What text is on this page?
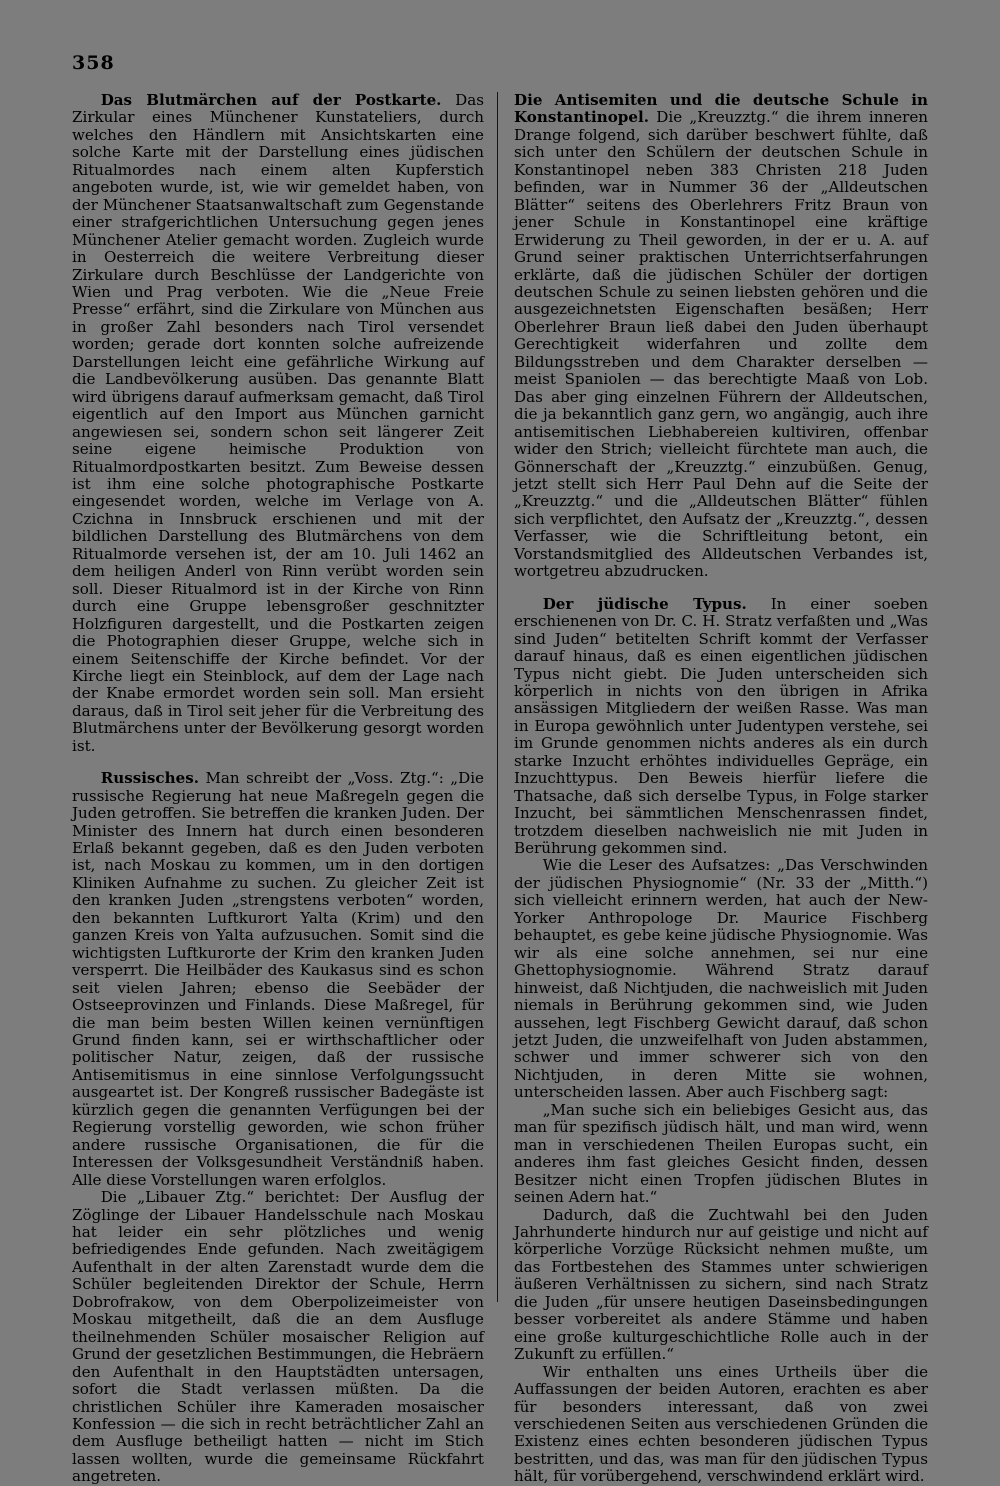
358

Das Blutmärchen auf der Postkarte. Das Zirkular eines Münchener Kunstateliers, durch welches den Händlern mit Ansichtskarten eine solche Karte mit der Darstellung eines jüdischen Ritualmordes nach einem alten Kupferstich angeboten wurde, ist, wie wir gemeldet haben, von der Münchener Staatsanwaltschaft zum Gegenstande einer strafgerichtlichen Untersuchung gegen jenes Münchener Atelier gemacht worden. Zugleich wurde in Oesterreich die weitere Verbreitung dieser Zirkulare durch Beschlüsse der Landgerichte von Wien und Prag verboten. Wie die „Neue Freie Presse“ erfährt, sind die Zirkulare von München aus in großer Zahl besonders nach Tirol versendet worden; gerade dort konnten solche aufreizende Darstellungen leicht eine gefährliche Wirkung auf die Landbevölkerung ausüben. Das genannte Blatt wird übrigens darauf aufmerksam gemacht, daß Tirol eigentlich auf den Import aus München garnicht angewiesen sei, sondern schon seit längerer Zeit seine eigene heimische Produktion von Ritualmordpostkarten besitzt. Zum Beweise dessen ist ihm eine solche photographische Postkarte eingesendet worden, welche im Verlage von A. Czichna in Innsbruck erschienen und mit der bildlichen Darstellung des Blutmärchens von dem Ritualmorde versehen ist, der am 10. Juli 1462 an dem heiligen Anderl von Rinn verübt worden sein soll. Dieser Ritualmord ist in der Kirche von Rinn durch eine Gruppe lebensgroßer geschnitzter Holzfiguren dargestellt, und die Postkarten zeigen die Photographien dieser Gruppe, welche sich in einem Seitenschiffe der Kirche befindet. Vor der Kirche liegt ein Steinblock, auf dem der Lage nach der Knabe ermordet worden sein soll. Man ersieht daraus, daß in Tirol seit jeher für die Verbreitung des Blutmärchens unter der Bevölkerung gesorgt worden ist.

Russisches. Man schreibt der „Voss. Ztg.“: „Die russische Regierung hat neue Maßregeln gegen die Juden getroffen. Sie betreffen die kranken Juden. Der Minister des Innern hat durch einen besonderen Erlaß bekannt gegeben, daß es den Juden verboten ist, nach Moskau zu kommen, um in den dortigen Kliniken Aufnahme zu suchen. Zu gleicher Zeit ist den kranken Juden „strengstens verboten“ worden, den bekannten Luftkurort Yalta (Krim) und den ganzen Kreis von Yalta aufzusuchen. Somit sind die wichtigsten Luftkurorte der Krim den kranken Juden versperrt. Die Heilbäder des Kaukasus sind es schon seit vielen Jahren; ebenso die Seebäder der Ostseeprovinzen und Finlands. Diese Maßregel, für die man beim besten Willen keinen vernünftigen Grund finden kann, sei er wirthschaftlicher oder politischer Natur, zeigen, daß der russische Antisemitismus in eine sinnlose Verfolgungssucht ausgeartet ist. Der Kongreß russischer Badegäste ist kürzlich gegen die genannten Verfügungen bei der Regierung vorstellig geworden, wie schon früher andere russische Organisationen, die für die Interessen der Volksgesundheit Verständniß haben. Alle diese Vorstellungen waren erfolglos.

Die „Libauer Ztg.“ berichtet: Der Ausflug der Zöglinge der Libauer Handelsschule nach Moskau hat leider ein sehr plötzliches und wenig befriedigendes Ende gefunden. Nach zweitägigem Aufenthalt in der alten Zarenstadt wurde dem die Schüler begleitenden Direktor der Schule, Herrn Dobrofrakow, von dem Oberpolizeimeister von Moskau mitgetheilt, daß die an dem Ausfluge theilnehmenden Schüler mosaischer Religion auf Grund der gesetzlichen Bestimmungen, die Hebräern den Aufenthalt in den Hauptstädten untersagen, sofort die Stadt verlassen müßten. Da die christlichen Schüler ihre Kameraden mosaischer Konfession — die sich in recht beträchtlicher Zahl an dem Ausfluge betheiligt hatten — nicht im Stich lassen wollten, wurde die gemeinsame Rückfahrt angetreten.

Die Antisemiten und die deutsche Schule in Konstantinopel. Die „Kreuzztg.“ die ihrem inneren Drange folgend, sich darüber beschwert fühlte, daß sich unter den Schülern der deutschen Schule in Konstantinopel neben 383 Christen 218 Juden befinden, war in Nummer 36 der „Alldeutschen Blätter“ seitens des Oberlehrers Fritz Braun von jener Schule in Konstantinopel eine kräftige Erwiderung zu Theil geworden, in der er u. A. auf Grund seiner praktischen Unterrichtserfahrungen erklärte, daß die jüdischen Schüler der dortigen deutschen Schule zu seinen liebsten gehören und die ausgezeichnetsten Eigenschaften besäßen; Herr Oberlehrer Braun ließ dabei den Juden überhaupt Gerechtigkeit widerfahren und zollte dem Bildungsstreben und dem Charakter derselben — meist Spaniolen — das berechtigte Maaß von Lob. Das aber ging einzelnen Führern der Alldeutschen, die ja bekanntlich ganz gern, wo angängig, auch ihre antisemitischen Liebhabereien kultiviren, offenbar wider den Strich; vielleicht fürchtete man auch, die Gönnerschaft der „Kreuzztg.“ einzubüßen. Genug, jetzt stellt sich Herr Paul Dehn auf die Seite der „Kreuzztg.“ und die „Alldeutschen Blätter“ fühlen sich verpflichtet, den Aufsatz der „Kreuzztg.“, dessen Verfasser, wie die Schriftleitung betont, ein Vorstandsmitglied des Alldeutschen Verbandes ist, wortgetreu abzudrucken.

Der jüdische Typus. In einer soeben erschienenen von Dr. C. H. Stratz verfaßten und „Was sind Juden“ betitelten Schrift kommt der Verfasser darauf hinaus, daß es einen eigentlichen jüdischen Typus nicht giebt. Die Juden unterscheiden sich körperlich in nichts von den übrigen in Afrika ansässigen Mitgliedern der weißen Rasse. Was man in Europa gewöhnlich unter Judentypen verstehe, sei im Grunde genommen nichts anderes als ein durch starke Inzucht erhöhtes individuelles Gepräge, ein Inzuchttypus. Den Beweis hierfür liefere die Thatsache, daß sich derselbe Typus, in Folge starker Inzucht, bei sämmtlichen Menschenrassen findet, trotzdem dieselben nachweislich nie mit Juden in Berührung gekommen sind.

Wie die Leser des Aufsatzes: „Das Verschwinden der jüdischen Physiognomie“ (Nr. 33 der „Mitth.“) sich vielleicht erinnern werden, hat auch der New-Yorker Anthropologe Dr. Maurice Fischberg behauptet, es gebe keine jüdische Physiognomie. Was wir als eine solche annehmen, sei nur eine Ghettophysiognomie. Während Stratz darauf hinweist, daß Nichtjuden, die nachweislich mit Juden niemals in Berührung gekommen sind, wie Juden aussehen, legt Fischberg Gewicht darauf, daß schon jetzt Juden, die unzweifelhaft von Juden abstammen, schwer und immer schwerer sich von den Nichtjuden, in deren Mitte sie wohnen, unterscheiden lassen. Aber auch Fischberg sagt:

„Man suche sich ein beliebiges Gesicht aus, das man für spezifisch jüdisch hält, und man wird, wenn man in verschiedenen Theilen Europas sucht, ein anderes ihm fast gleiches Gesicht finden, dessen Besitzer nicht einen Tropfen jüdischen Blutes in seinen Adern hat.“

Dadurch, daß die Zuchtwahl bei den Juden Jahrhunderte hindurch nur auf geistige und nicht auf körperliche Vorzüge Rücksicht nehmen mußte, um das Fortbestehen des Stammes unter schwierigen äußeren Verhältnissen zu sichern, sind nach Stratz die Juden „für unsere heutigen Daseinsbedingungen besser vorbereitet als andere Stämme und haben eine große kulturgeschichtliche Rolle auch in der Zukunft zu erfüllen.“

Wir enthalten uns eines Urtheils über die Auffassungen der beiden Autoren, erachten es aber für besonders interessant, daß von zwei verschiedenen Seiten aus verschiedenen Gründen die Existenz eines echten besonderen jüdischen Typus bestritten, und das, was man für den jüdischen Typus hält, für vorübergehend, verschwindend erklärt wird.
